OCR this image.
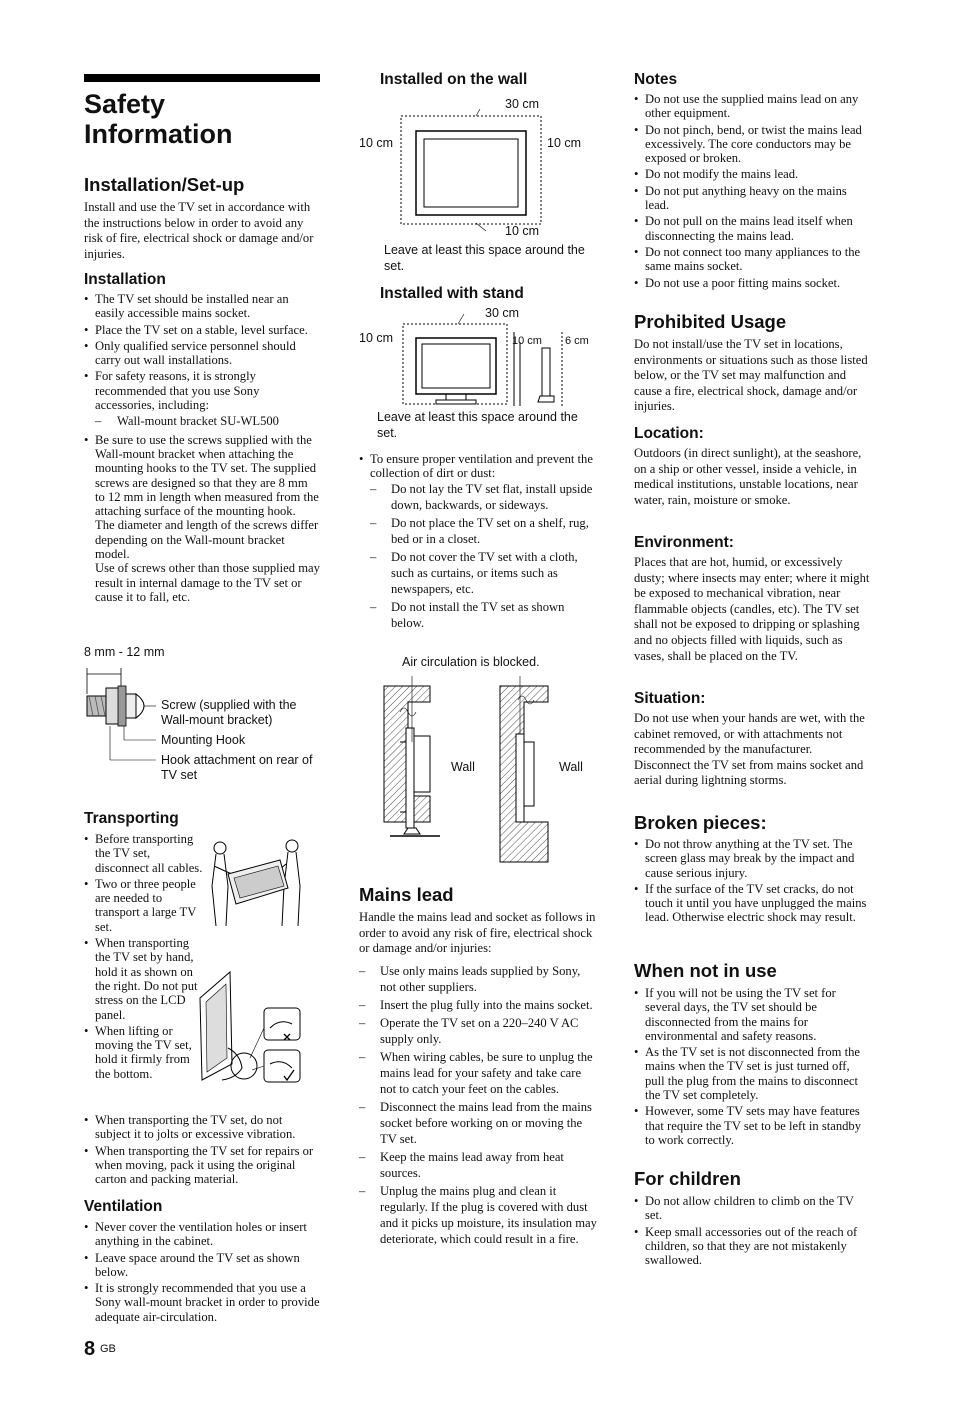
Safety Information
Installation/Set-up

Install and use the TV set in accordance with the instructions below in order to avoid any risk of fire, electrical shock or damage and/or injuries.

Installation
• The TV set should be installed near an easily accessible mains socket.
• Place the TV set on a stable, level surface.
• Only qualified service personnel should carry out wall installations.
• For safety reasons, it is strongly recommended that you use Sony accessories, including:
– Wall-mount bracket SU-WL500
• Be sure to use the screws supplied with the Wall-mount bracket when attaching the mounting hooks to the TV set. The supplied screws are designed so that they are 8 mm to 12 mm in length when measured from the attaching surface of the mounting hook.
The diameter and length of the screws differ depending on the Wall-mount bracket model.
Use of screws other than those supplied may result in internal damage to the TV set or cause it to fall, etc.
8 mm - 12 mm
Screw (supplied with the Wall-mount bracket)
Mounting Hook
Hook attachment on rear of TV set
Transporting
• Before transporting the TV set, disconnect all cables.
• Two or three people are needed to transport a large TV set.
• When transporting the TV set by hand, hold it as shown on the right. Do not put stress on the LCD panel.
• When lifting or moving the TV set, hold it firmly from the bottom.
• When transporting the TV set, do not subject it to jolts or excessive vibration.
• When transporting the TV set for repairs or when moving, pack it using the original carton and packing material.
Ventilation
• Never cover the ventilation holes or insert anything in the cabinet.
• Leave space around the TV set as shown below.
• It is strongly recommended that you use a Sony wall-mount bracket in order to provide adequate air-circulation.
8 GB
Installed on the wall
30 cm
10 cm	10 cm
10 cm
Leave at least this space around the set.
Installed with stand
30 cm
10 cm	10 cm 6 cm
Leave at least this space around the set.
• To ensure proper ventilation and prevent the collection of dirt or dust:
– Do not lay the TV set flat, install upside down, backwards, or sideways.
– Do not place the TV set on a shelf, rug, bed or in a closet.
– Do not cover the TV set with a cloth, such as curtains, or items such as newspapers, etc.
– Do not install the TV set as shown below.
Air circulation is blocked.
Wall	Wall
Mains lead

Handle the mains lead and socket as follows in order to avoid any risk of fire, electrical shock or damage and/or injuries:

– Use only mains leads supplied by Sony, not other suppliers.
– Insert the plug fully into the mains socket.
– Operate the TV set on a 220–240 V AC supply only.
– When wiring cables, be sure to unplug the mains lead for your safety and take care not to catch your feet on the cables.
– Disconnect the mains lead from the mains socket before working on or moving the TV set.
– Keep the mains lead away from heat sources.
– Unplug the mains plug and clean it regularly. If the plug is covered with dust and it picks up moisture, its insulation may deteriorate, which could result in a fire.
Notes
• Do not use the supplied mains lead on any other equipment.
• Do not pinch, bend, or twist the mains lead excessively. The core conductors may be exposed or broken.
• Do not modify the mains lead.
• Do not put anything heavy on the mains lead.
• Do not pull on the mains lead itself when disconnecting the mains lead.
• Do not connect too many appliances to the same mains socket.
• Do not use a poor fitting mains socket.
Prohibited Usage

Do not install/use the TV set in locations, environments or situations such as those listed below, or the TV set may malfunction and cause a fire, electrical shock, damage and/or injuries.

Location:

Outdoors (in direct sunlight), at the seashore, on a ship or other vessel, inside a vehicle, in medical institutions, unstable locations, near water, rain, moisture or smoke.

Environment:

Places that are hot, humid, or excessively dusty; where insects may enter; where it might be exposed to mechanical vibration, near flammable objects (candles, etc). The TV set shall not be exposed to dripping or splashing and no objects filled with liquids, such as vases, shall be placed on the TV.

Situation:

Do not use when your hands are wet, with the cabinet removed, or with attachments not recommended by the manufacturer. Disconnect the TV set from mains socket and aerial during lightning storms.

Broken pieces:
• Do not throw anything at the TV set. The screen glass may break by the impact and cause serious injury.
• If the surface of the TV set cracks, do not touch it until you have unplugged the mains lead. Otherwise electric shock may result.
When not in use
• If you will not be using the TV set for several days, the TV set should be disconnected from the mains for environmental and safety reasons.
• As the TV set is not disconnected from the mains when the TV set is just turned off, pull the plug from the mains to disconnect the TV set completely.
• However, some TV sets may have features that require the TV set to be left in standby to work correctly.
For children
• Do not allow children to climb on the TV set.
• Keep small accessories out of the reach of children, so that they are not mistakenly swallowed.
